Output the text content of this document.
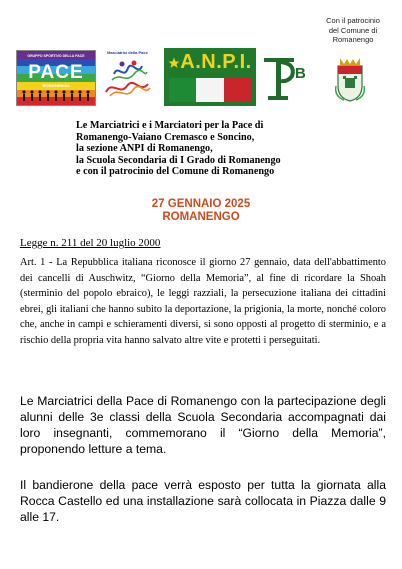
GRUPPO SPORTIVO DELLA PACE
PACE
ROMANENGO
Marciatrici della Pace	A.N.P.I.
B
Con il patrocinio
del Comune di
Romanengo
Le Marciatrici e i Marciatori per la Pace di
Romanengo-Vaiano Cremasco e Soncino,
la sezione ANPI di Romanengo,
la Scuola Secondaria di I Grado di Romanengo
e con il patrocinio del Comune di Romanengo
27 GENNAIO 2025
ROMANENGO
Legge n. 211 del 20 luglio 2000
Art. 1 - La Repubblica italiana riconosce il giorno 27 gennaio, data dell'abbattimento dei cancelli di Auschwitz, “Giorno della Memoria”, al fine di ricordare la Shoah (sterminio del popolo ebraico), le leggi razziali, la persecuzione italiana dei cittadini ebrei, gli italiani che hanno subito la deportazione, la prigionia, la morte, nonché coloro che, anche in campi e schieramenti diversi, si sono opposti al progetto di sterminio, e a rischio della propria vita hanno salvato altre vite e protetti i perseguitati.
Le Marciatrici della Pace di Romanengo con la partecipazione degli alunni delle 3e classi della Scuola Secondaria accompagnati dai loro insegnanti, commemorano il “Giorno della Memoria”, proponendo letture a tema.
Il bandierone della pace verrà esposto per tutta la giornata alla Rocca Castello ed una installazione sarà collocata in Piazza dalle 9 alle 17.
